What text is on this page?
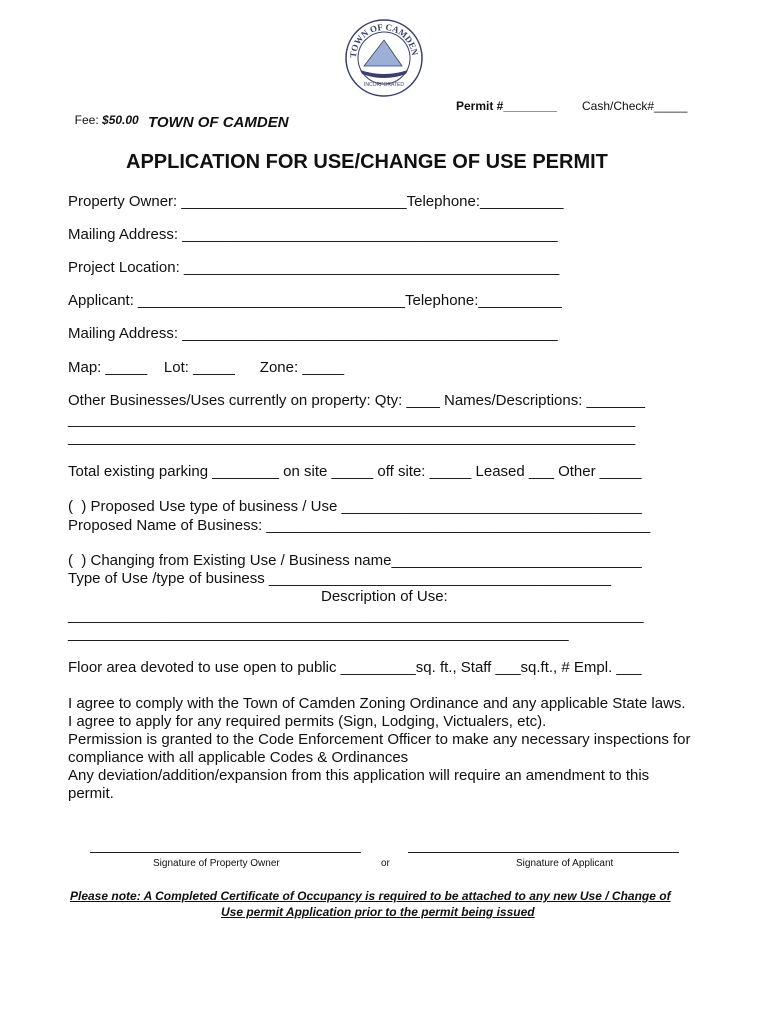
TOWN OF CAMDEN
INCORPORATED

Fee: $50.00

Permit #________ Cash/Check#_____
TOWN OF CAMDEN
APPLICATION FOR USE/CHANGE OF USE PERMIT
Property Owner: ___________________________Telephone:__________
Mailing Address: _____________________________________________
Project Location: _____________________________________________
Applicant: ________________________________Telephone:__________
Mailing Address: _____________________________________________
Map: _____    Lot: _____      Zone: _____
Other Businesses/Uses currently on property: Qty: ____ Names/Descriptions: _______
____________________________________________________________________
____________________________________________________________________
Total existing parking ________ on site _____ off site: _____ Leased ___ Other _____
(  ) Proposed Use type of business / Use ____________________________________
Proposed Name of Business: ______________________________________________
(  ) Changing from Existing Use / Business name______________________________
Type of Use /type of business _________________________________________
Description of Use:
_____________________________________________________________________
____________________________________________________________
Floor area devoted to use open to public _________sq. ft., Staff ___sq.ft., # Empl. ___
I agree to comply with the Town of Camden Zoning Ordinance and any applicable State laws.
I agree to apply for any required permits (Sign, Lodging, Victualers, etc).
Permission is granted to the Code Enforcement Officer to make any necessary inspections for
compliance with all applicable Codes & Ordinances
Any deviation/addition/expansion from this application will require an amendment to this
permit.
Signature of Property Owner	or	Signature of Applicant
Please note: A Completed Certificate of Occupancy is required to be attached to any new Use / Change of
Use permit Application prior to the permit being issued
